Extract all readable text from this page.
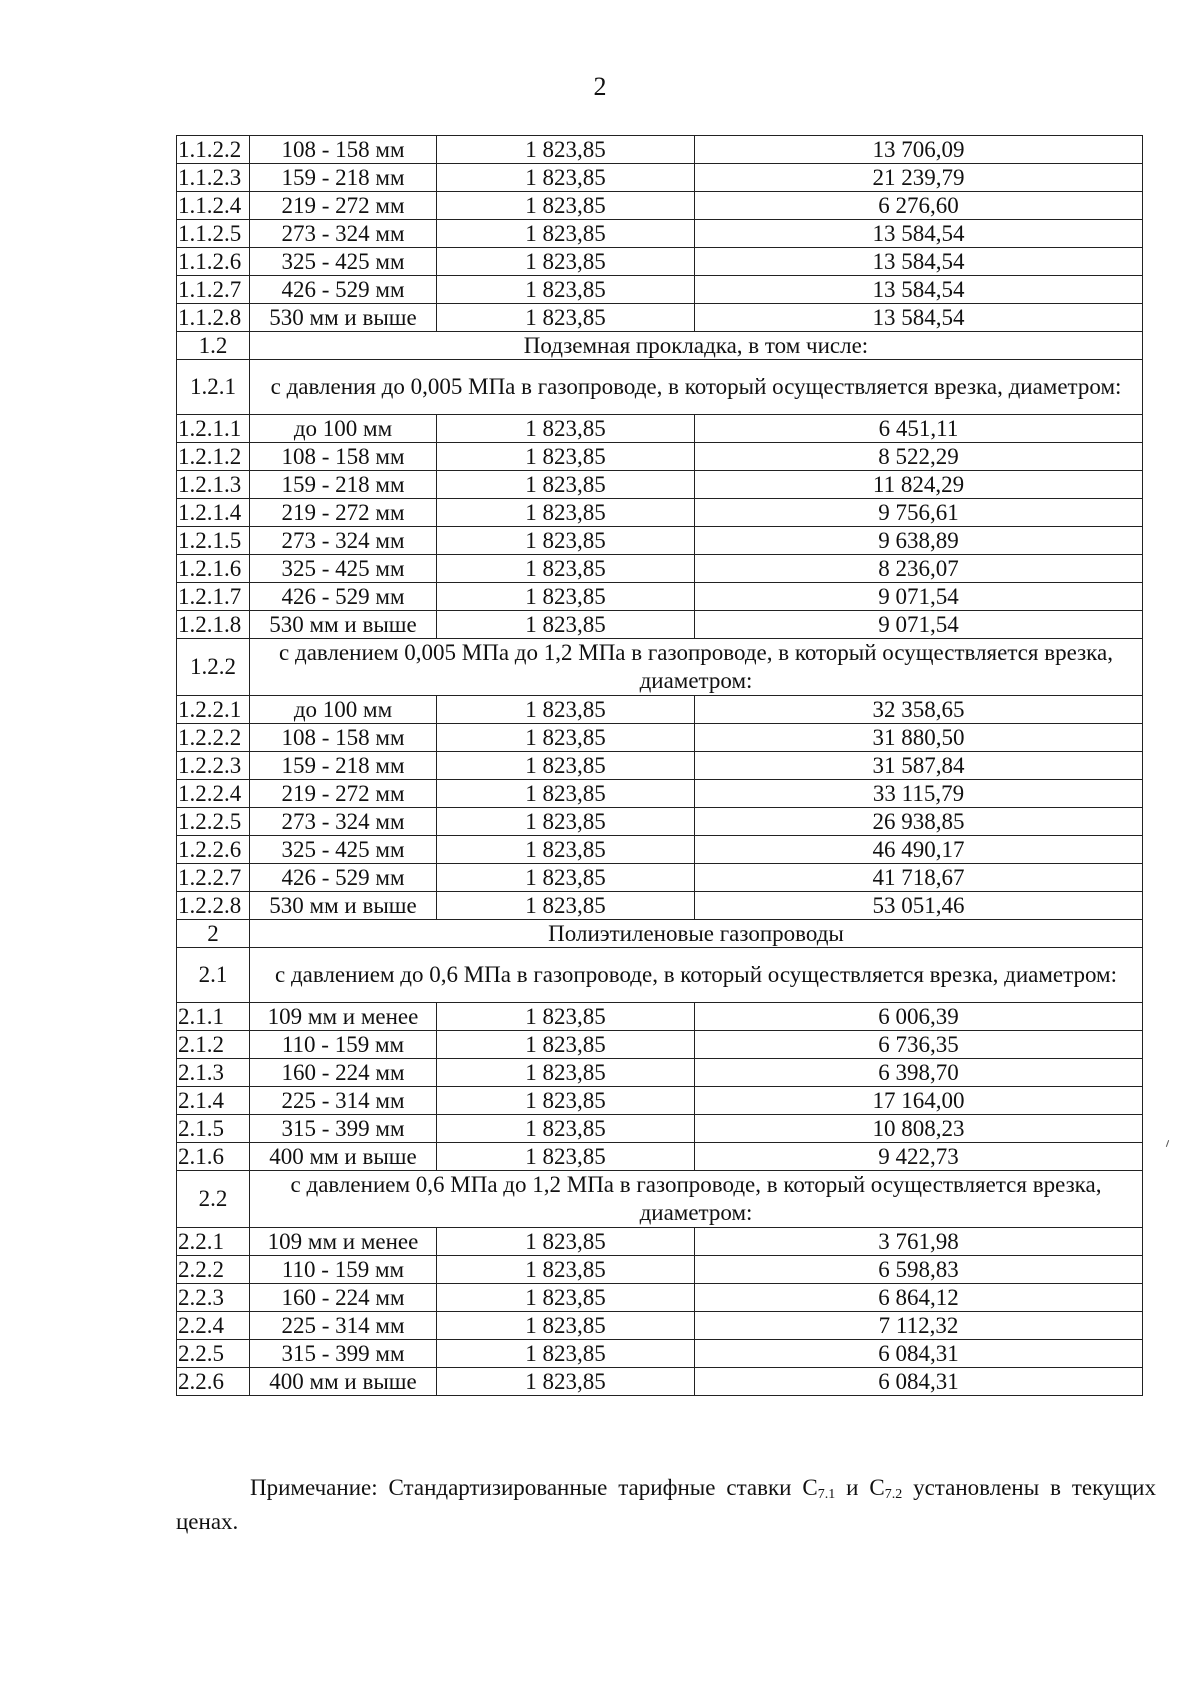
2
1.1.2.2	108 - 158 мм	1 823,85	13 706,09
1.1.2.3	159 - 218 мм	1 823,85	21 239,79
1.1.2.4	219 - 272 мм	1 823,85	6 276,60
1.1.2.5	273 - 324 мм	1 823,85	13 584,54
1.1.2.6	325 - 425 мм	1 823,85	13 584,54
1.1.2.7	426 - 529 мм	1 823,85	13 584,54
1.1.2.8	530 мм и выше	1 823,85	13 584,54
1.2	Подземная прокладка, в том числе:		
1.2.1	с давления до 0,005 МПа в газопроводе, в который осуществляется врезка, диаметром:		
1.2.1.1	до 100 мм	1 823,85	6 451,11
1.2.1.2	108 - 158 мм	1 823,85	8 522,29
1.2.1.3	159 - 218 мм	1 823,85	11 824,29
1.2.1.4	219 - 272 мм	1 823,85	9 756,61
1.2.1.5	273 - 324 мм	1 823,85	9 638,89
1.2.1.6	325 - 425 мм	1 823,85	8 236,07
1.2.1.7	426 - 529 мм	1 823,85	9 071,54
1.2.1.8	530 мм и выше	1 823,85	9 071,54
1.2.2	с давлением 0,005 МПа до 1,2 МПа в газопроводе, в который осуществляется врезка, диаметром:		
1.2.2.1	до 100 мм	1 823,85	32 358,65
1.2.2.2	108 - 158 мм	1 823,85	31 880,50
1.2.2.3	159 - 218 мм	1 823,85	31 587,84
1.2.2.4	219 - 272 мм	1 823,85	33 115,79
1.2.2.5	273 - 324 мм	1 823,85	26 938,85
1.2.2.6	325 - 425 мм	1 823,85	46 490,17
1.2.2.7	426 - 529 мм	1 823,85	41 718,67
1.2.2.8	530 мм и выше	1 823,85	53 051,46
2	Полиэтиленовые газопроводы		
2.1	с давлением до 0,6 МПа в газопроводе, в который осуществляется врезка, диаметром:		
2.1.1	109 мм и менее	1 823,85	6 006,39
2.1.2	110 - 159 мм	1 823,85	6 736,35
2.1.3	160 - 224 мм	1 823,85	6 398,70
2.1.4	225 - 314 мм	1 823,85	17 164,00
2.1.5	315 - 399 мм	1 823,85	10 808,23
2.1.6	400 мм и выше	1 823,85	9 422,73
2.2	с давлением 0,6 МПа до 1,2 МПа в газопроводе, в который осуществляется врезка, диаметром:		
2.2.1	109 мм и менее	1 823,85	3 761,98
2.2.2	110 - 159 мм	1 823,85	6 598,83
2.2.3	160 - 224 мм	1 823,85	6 864,12
2.2.4	225 - 314 мм	1 823,85	7 112,32
2.2.5	315 - 399 мм	1 823,85	6 084,31
2.2.6	400 мм и выше	1 823,85	6 084,31
Примечание: Стандартизированные тарифные ставки $С_{7.1}$ и $С_{7.2}$ установлены в текущих ценах.
